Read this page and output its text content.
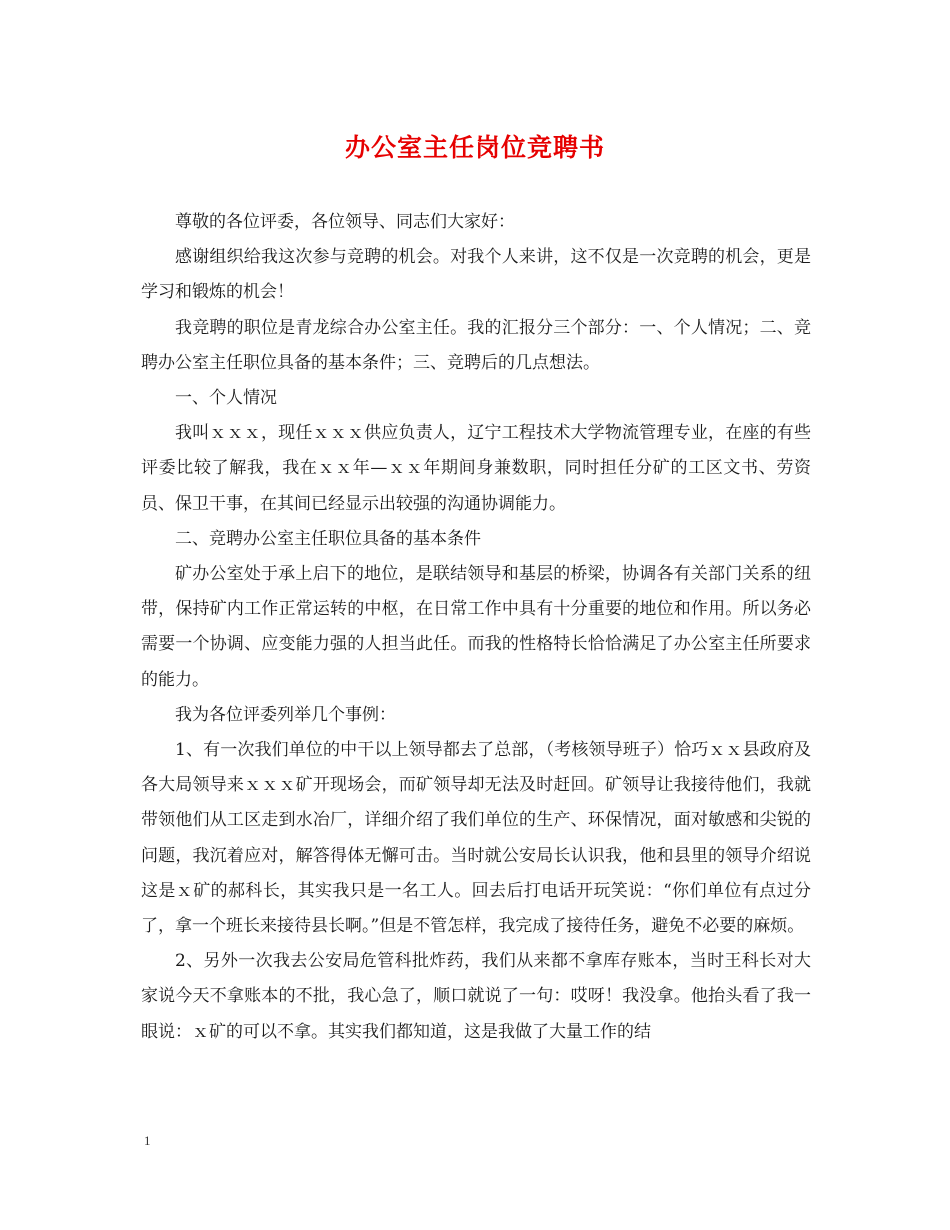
办公室主任岗位竞聘书

尊敬的各位评委，各位领导、同志们大家好：

感谢组织给我这次参与竞聘的机会。对我个人来讲，这不仅是一次竞聘的机会，更是学习和锻炼的机会！

我竞聘的职位是青龙综合办公室主任。我的汇报分三个部分：一、个人情况；二、竞聘办公室主任职位具备的基本条件；三、竞聘后的几点想法。

一、个人情况

我叫ｘｘｘ，现任ｘｘｘ供应负责人，辽宁工程技术大学物流管理专业，在座的有些评委比较了解我，我在ｘｘ年—ｘｘ年期间身兼数职，同时担任分矿的工区文书、劳资员、保卫干事，在其间已经显示出较强的沟通协调能力。

二、竞聘办公室主任职位具备的基本条件

矿办公室处于承上启下的地位，是联结领导和基层的桥梁，协调各有关部门关系的纽带，保持矿内工作正常运转的中枢，在日常工作中具有十分重要的地位和作用。所以务必需要一个协调、应变能力强的人担当此任。而我的性格特长恰恰满足了办公室主任所要求的能力。

我为各位评委列举几个事例：

1、有一次我们单位的中干以上领导都去了总部，（考核领导班子）恰巧ｘｘ县政府及各大局领导来ｘｘｘ矿开现场会，而矿领导却无法及时赶回。矿领导让我接待他们，我就带领他们从工区走到水冶厂，详细介绍了我们单位的生产、环保情况，面对敏感和尖锐的问题，我沉着应对，解答得体无懈可击。当时就公安局长认识我，他和县里的领导介绍说这是ｘ矿的郝科长，其实我只是一名工人。回去后打电话开玩笑说：“你们单位有点过分了，拿一个班长来接待县长啊。”但是不管怎样，我完成了接待任务，避免不必要的麻烦。

2、另外一次我去公安局危管科批炸药，我们从来都不拿库存账本，当时王科长对大家说今天不拿账本的不批，我心急了，顺口就说了一句：哎呀！我没拿。他抬头看了我一眼说：ｘ矿的可以不拿。其实我们都知道，这是我做了大量工作的结

1
